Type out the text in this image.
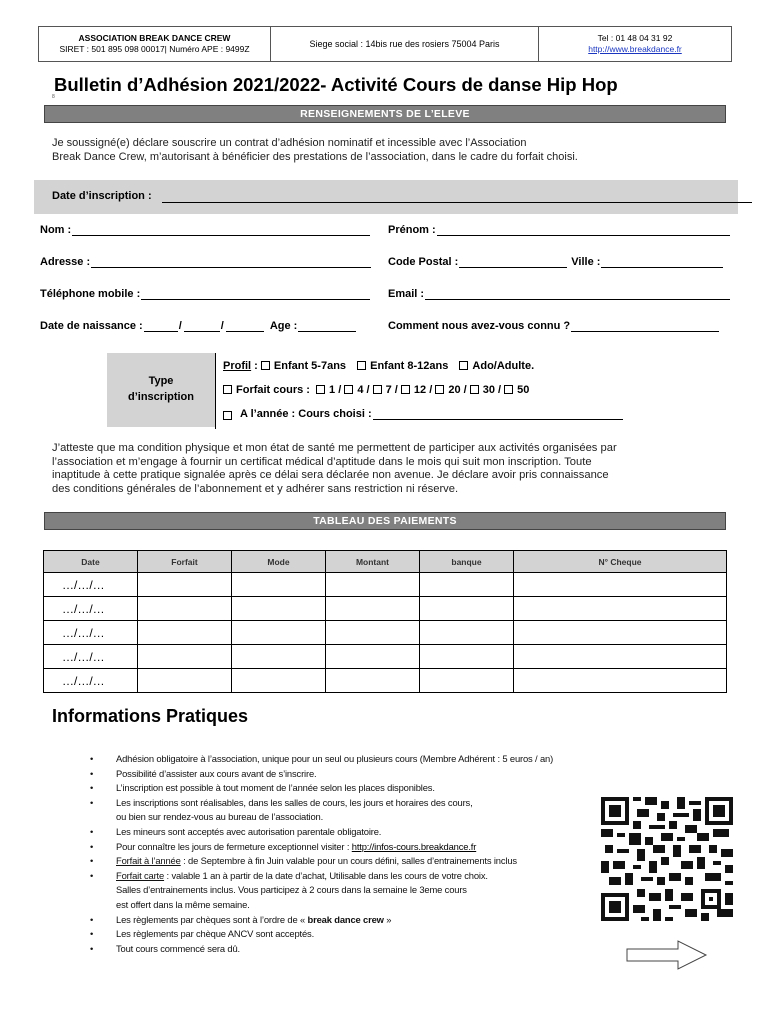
ASSOCIATION BREAK DANCE CREW
SIRET : 501 895 098 00017| Numéro APE : 9499Z
Siege social : 14bis rue des rosiers 75004 Paris
Tel : 01 48 04 31 92
http://www.breakdance.fr
Bulletin d’Adhésion 2021/2022- Activité Cours de danse Hip Hop
8
RENSEIGNEMENTS DE L’ELEVE
Je soussigné(e) déclare souscrire un contrat d’adhésion nominatif et incessible avec l’Association
Break Dance Crew, m’autorisant à bénéficier des prestations de l’association, dans le cadre du forfait choisi.
Date d’inscription :
Nom :	Prénom :
Adresse :	Code Postal :	Ville :
Téléphone mobile :	Email :
Date de naissance :	/	/	Age :	Comment nous avez-vous connu ?
Type
d’inscription
Profil : Enfant 5-7ans Enfant 8-12ans Ado/Adulte.
Forfait cours : 1 / 4 / 7 / 12 / 20 / 30 / 50
A l’année : Cours choisi :
J’atteste que ma condition physique et mon état de santé me permettent de participer aux activités organisées par
l’association et m’engage à fournir un certificat médical d’aptitude dans le mois qui suit mon inscription. Toute
inaptitude à cette pratique signalée après ce délai sera déclarée non avenue. Je déclare avoir pris connaissance
des conditions générales de l’abonnement et y adhérer sans restriction ni réserve.
TABLEAU DES PAIEMENTS
Date	Forfait	Mode	Montant	banque	N° Cheque
…/…/…					
…/…/…					
…/…/…					
…/…/…					
…/…/…					
Informations Pratiques
• Adhésion obligatoire à l’association, unique pour un seul ou plusieurs cours (Membre Adhérent : 5 euros / an)
• Possibilité d’assister aux cours avant de s’inscrire.
• L’inscription est possible à tout moment de l’année selon les places disponibles.
• Les inscriptions sont réalisables, dans les salles de cours, les jours et horaires des cours,
ou bien sur rendez-vous au bureau de l’association.
• Les mineurs sont acceptés avec autorisation parentale obligatoire.
• Pour connaître les jours de fermeture exceptionnel visiter : http://infos-cours.breakdance.fr
• Forfait à l’année : de Septembre à fin Juin valable pour un cours défini, salles d’entrainements inclus
• Forfait carte : valable 1 an à partir de la date d’achat, Utilisable dans les cours de votre choix.
Salles d’entrainements inclus. Vous participez à 2 cours dans la semaine le 3eme cours
est offert dans la même semaine.
• Les règlements par chèques sont à l’ordre de « break dance crew »
• Les règlements par chèque ANCV sont acceptés.
• Tout cours commencé sera dû.
